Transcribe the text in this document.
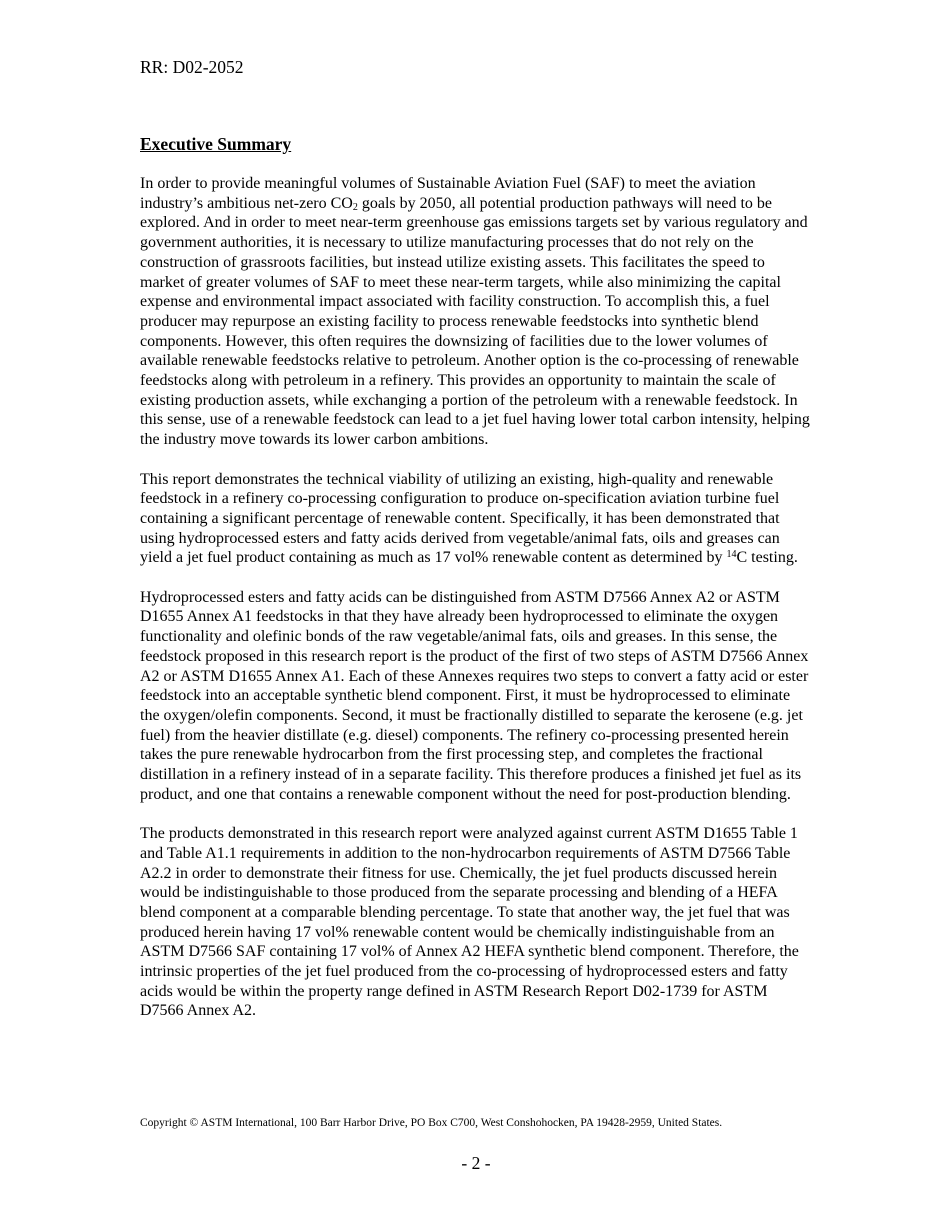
RR: D02-2052
Executive Summary

In order to provide meaningful volumes of Sustainable Aviation Fuel (SAF) to meet the aviation industry’s ambitious net-zero $CO_2$ goals by 2050, all potential production pathways will need to be explored. And in order to meet near-term greenhouse gas emissions targets set by various regulatory and government authorities, it is necessary to utilize manufacturing processes that do not rely on the construction of grassroots facilities, but instead utilize existing assets. This facilitates the speed to market of greater volumes of SAF to meet these near-term targets, while also minimizing the capital expense and environmental impact associated with facility construction. To accomplish this, a fuel producer may repurpose an existing facility to process renewable feedstocks into synthetic blend components. However, this often requires the downsizing of facilities due to the lower volumes of available renewable feedstocks relative to petroleum. Another option is the co-processing of renewable feedstocks along with petroleum in a refinery. This provides an opportunity to maintain the scale of existing production assets, while exchanging a portion of the petroleum with a renewable feedstock. In this sense, use of a renewable feedstock can lead to a jet fuel having lower total carbon intensity, helping the industry move towards its lower carbon ambitions.

This report demonstrates the technical viability of utilizing an existing, high-quality and renewable feedstock in a refinery co-processing configuration to produce on-specification aviation turbine fuel containing a significant percentage of renewable content. Specifically, it has been demonstrated that using hydroprocessed esters and fatty acids derived from vegetable/animal fats, oils and greases can yield a jet fuel product containing as much as 17 vol% renewable content as determined by $^{14}$C testing.

Hydroprocessed esters and fatty acids can be distinguished from ASTM D7566 Annex A2 or ASTM D1655 Annex A1 feedstocks in that they have already been hydroprocessed to eliminate the oxygen functionality and olefinic bonds of the raw vegetable/animal fats, oils and greases. In this sense, the feedstock proposed in this research report is the product of the first of two steps of ASTM D7566 Annex A2 or ASTM D1655 Annex A1. Each of these Annexes requires two steps to convert a fatty acid or ester feedstock into an acceptable synthetic blend component. First, it must be hydroprocessed to eliminate the oxygen/olefin components. Second, it must be fractionally distilled to separate the kerosene (e.g. jet fuel) from the heavier distillate (e.g. diesel) components. The refinery co-processing presented herein takes the pure renewable hydrocarbon from the first processing step, and completes the fractional distillation in a refinery instead of in a separate facility. This therefore produces a finished jet fuel as its product, and one that contains a renewable component without the need for post-production blending.

The products demonstrated in this research report were analyzed against current ASTM D1655 Table 1 and Table A1.1 requirements in addition to the non-hydrocarbon requirements of ASTM D7566 Table A2.2 in order to demonstrate their fitness for use. Chemically, the jet fuel products discussed herein would be indistinguishable to those produced from the separate processing and blending of a HEFA blend component at a comparable blending percentage. To state that another way, the jet fuel that was produced herein having 17 vol% renewable content would be chemically indistinguishable from an ASTM D7566 SAF containing 17 vol% of Annex A2 HEFA synthetic blend component. Therefore, the intrinsic properties of the jet fuel produced from the co-processing of hydroprocessed esters and fatty acids would be within the property range defined in ASTM Research Report D02-1739 for ASTM D7566 Annex A2.

Copyright © ASTM International, 100 Barr Harbor Drive, PO Box C700, West Conshohocken, PA 19428-2959, United States.
- 2 -
